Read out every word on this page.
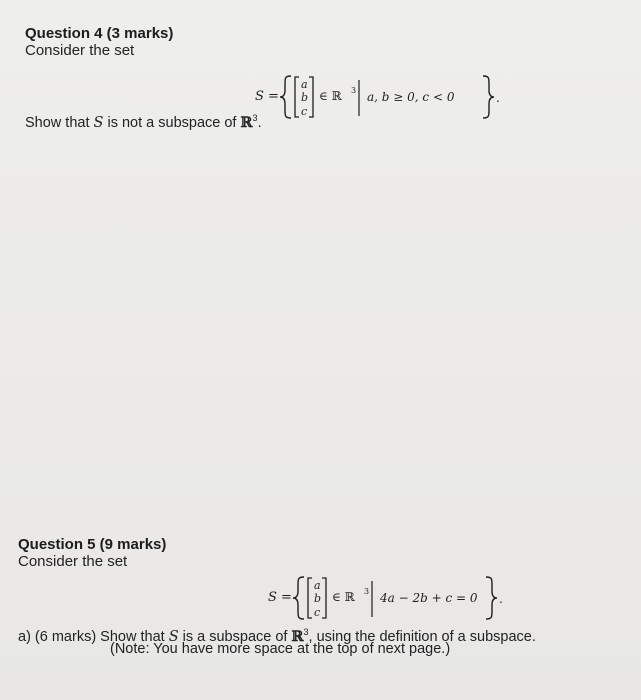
Question 4 (3 marks)
Consider the set
S =
a
b
c
∈ ℝ 3 a, b ≥ 0, c < 0	.
Show that S is not a subspace of ℝ$^3$.
Question 5 (9 marks)
Consider the set
S =
a
b
c
∈ ℝ 3 4a − 2b + c = 0 .
a) (6 marks) Show that S is a subspace of ℝ$^3$, using the definition of a subspace.
(Note: You have more space at the top of next page.)
